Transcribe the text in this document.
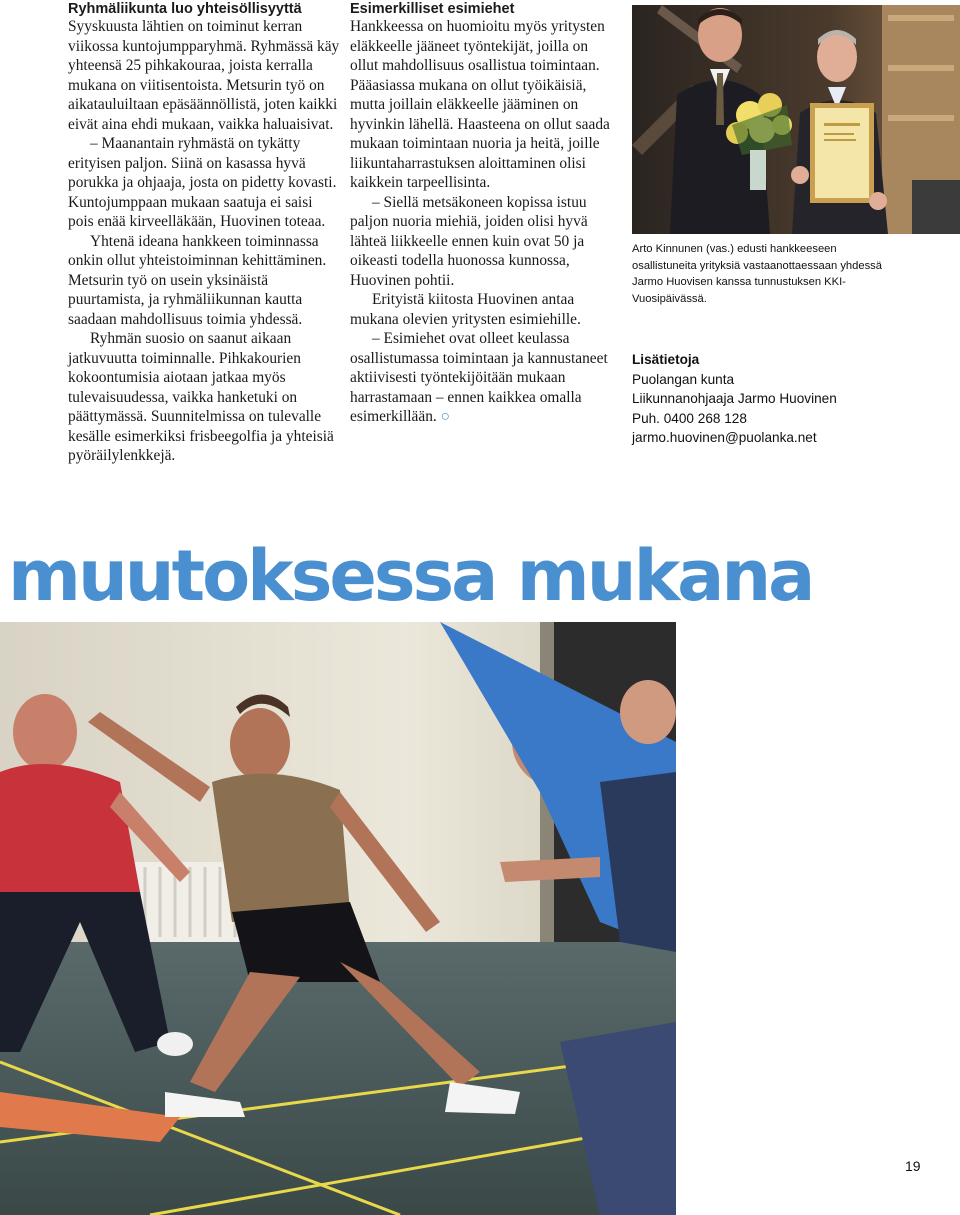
Ryhmäliikunta luo yhteisöllisyyttä

Syyskuusta lähtien on toiminut kerran viikossa kuntojumpparyhmä. Ryhmässä käy yhteensä 25 pihkakouraa, joista kerralla mukana on viitisentoista. Metsurin työ on aikatauluiltaan epäsäännöllistä, joten kaikki eivät aina ehdi mukaan, vaikka haluaisivat.

– Maanantain ryhmästä on tykätty erityisen paljon. Siinä on kasassa hyvä porukka ja ohjaaja, josta on pidetty kovasti. Kuntojumppaan mukaan saatuja ei saisi pois enää kirveelläkään, Huovinen toteaa.

Yhtenä ideana hankkeen toiminnassa onkin ollut yhteistoiminnan kehittäminen. Metsurin työ on usein yksinäistä puurtamista, ja ryhmäliikunnan kautta saadaan mahdollisuus toimia yhdessä.

Ryhmän suosio on saanut aikaan jatkuvuutta toiminnalle. Pihkakourien kokoontumisia aiotaan jatkaa myös tulevaisuudessa, vaikka hanketuki on päättymässä. Suunnitelmissa on tulevalle kesälle esimerkiksi frisbeegolfia ja yhteisiä pyöräilylenkkejä.

Esimerkilliset esimiehet

Hankkeessa on huomioitu myös yritysten eläkkeelle jääneet työntekijät, joilla on ollut mahdollisuus osallistua toimintaan. Pääasiassa mukana on ollut työikäisiä, mutta joillain eläkkeelle jääminen on hyvinkin lähellä. Haasteena on ollut saada mukaan toimintaan nuoria ja heitä, joille liikuntaharrastuksen aloittaminen olisi kaikkein tarpeellisinta.

– Siellä metsäkoneen kopissa istuu paljon nuoria miehiä, joiden olisi hyvä lähteä liikkeelle ennen kuin ovat 50 ja oikeasti todella huonossa kunnossa, Huovinen pohtii.

Erityistä kiitosta Huovinen antaa mukana olevien yritysten esimiehille.

– Esimiehet ovat olleet keulassa osallistumassa toimintaan ja kannustaneet aktiivisesti työntekijöitään mukaan harrastamaan – ennen kaikkea omalla esimerkillään. ○

Arto Kinnunen (vas.) edusti hankkeeseen osallistuneita yrityksiä vastaanottaessaan yhdessä Jarmo Huovisen kanssa tunnustuksen KKI-Vuosipäivässä.
Lisätietoja
Puolangan kunta
Liikunnanohjaaja Jarmo Huovinen
Puh. 0400 268 128
jarmo.huovinen@puolanka.net
muutoksessa mukana
19
